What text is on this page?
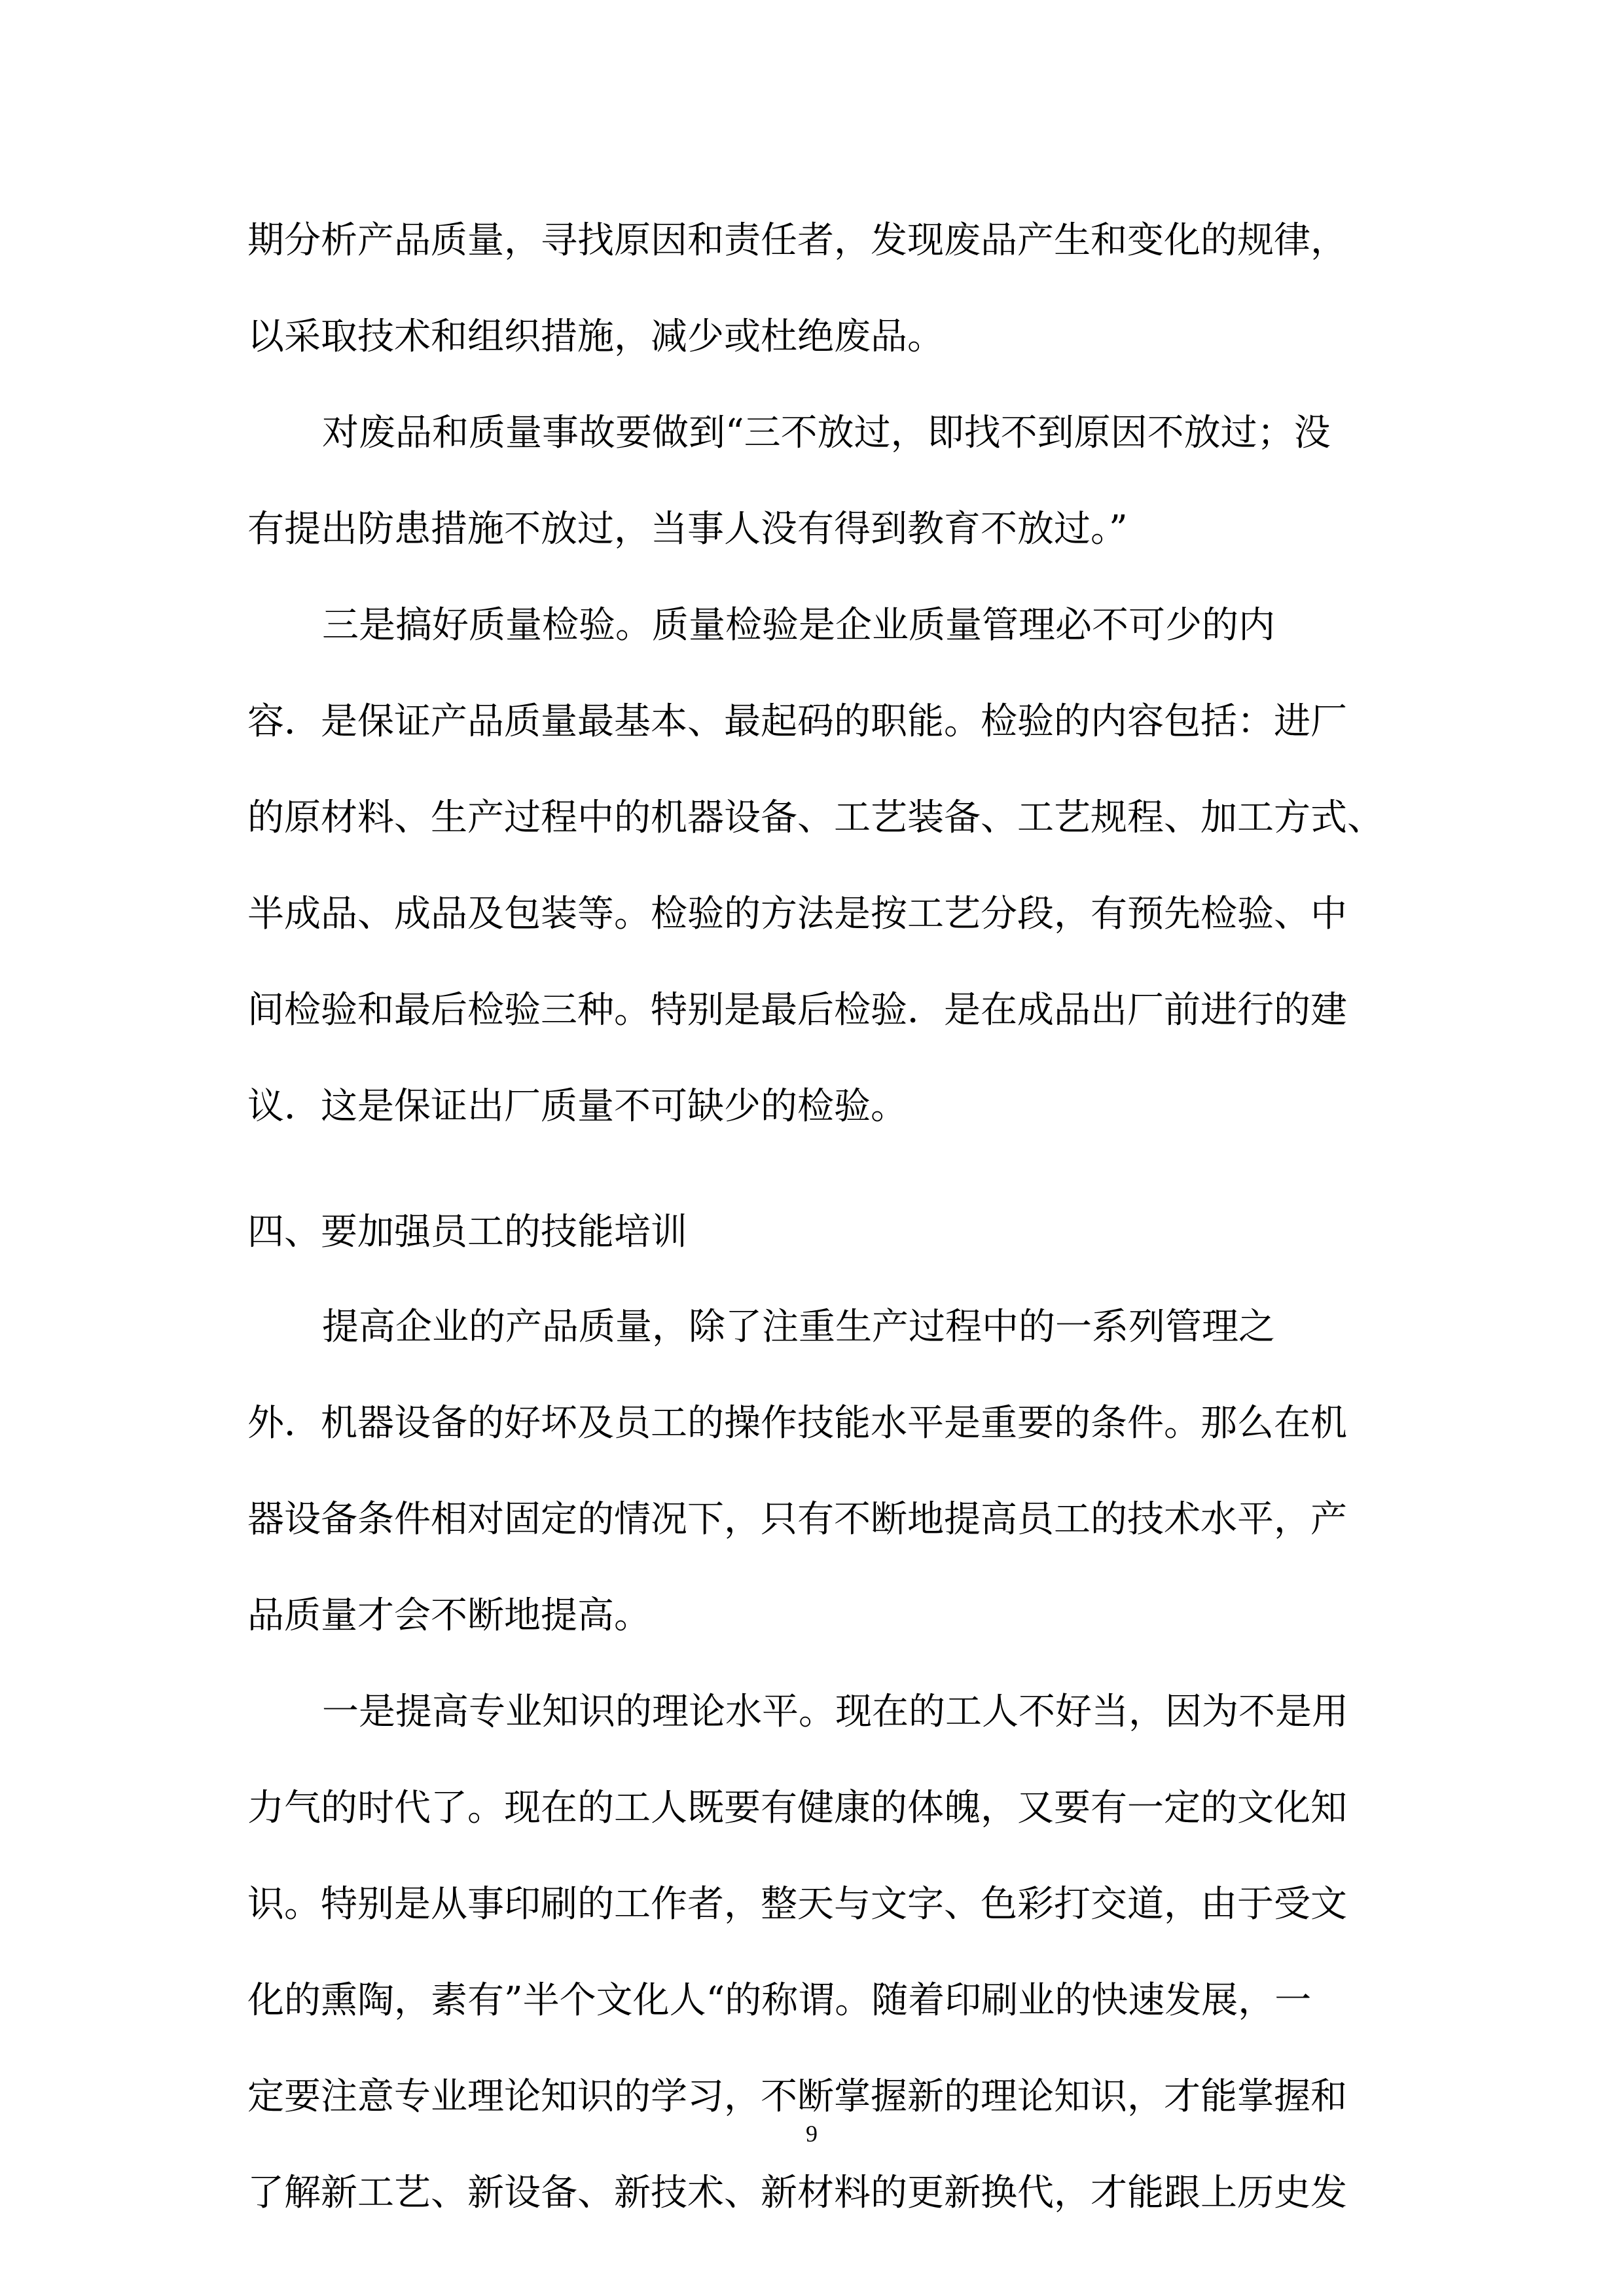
期分析产品质量，寻找原因和责任者，发现废品产生和变化的规律，
以采取技术和组织措施，减少或杜绝废品。
对废品和质量事故要做到“三不放过，即找不到原因不放过；没
有提出防患措施不放过，当事人没有得到教育不放过。”
三是搞好质量检验。质量检验是企业质量管理必不可少的内
容．是保证产品质量最基本、最起码的职能。检验的内容包括：进厂
的原材料、生产过程中的机器设备、工艺装备、工艺规程、加工方式、
半成品、成品及包装等。检验的方法是按工艺分段，有预先检验、中
间检验和最后检验三种。特别是最后检验．是在成品出厂前进行的建
议．这是保证出厂质量不可缺少的检验。
四、要加强员工的技能培训
提高企业的产品质量，除了注重生产过程中的一系列管理之
外．机器设备的好坏及员工的操作技能水平是重要的条件。那么在机
器设备条件相对固定的情况下，只有不断地提高员工的技术水平，产
品质量才会不断地提高。
一是提高专业知识的理论水平。现在的工人不好当，因为不是用
力气的时代了。现在的工人既要有健康的体魄，又要有一定的文化知
识。特别是从事印刷的工作者，整天与文字、色彩打交道，由于受文
化的熏陶，素有”半个文化人“的称谓。随着印刷业的快速发展，一
定要注意专业理论知识的学习，不断掌握新的理论知识，才能掌握和
了解新工艺、新设备、新技术、新材料的更新换代，才能跟上历史发
9
